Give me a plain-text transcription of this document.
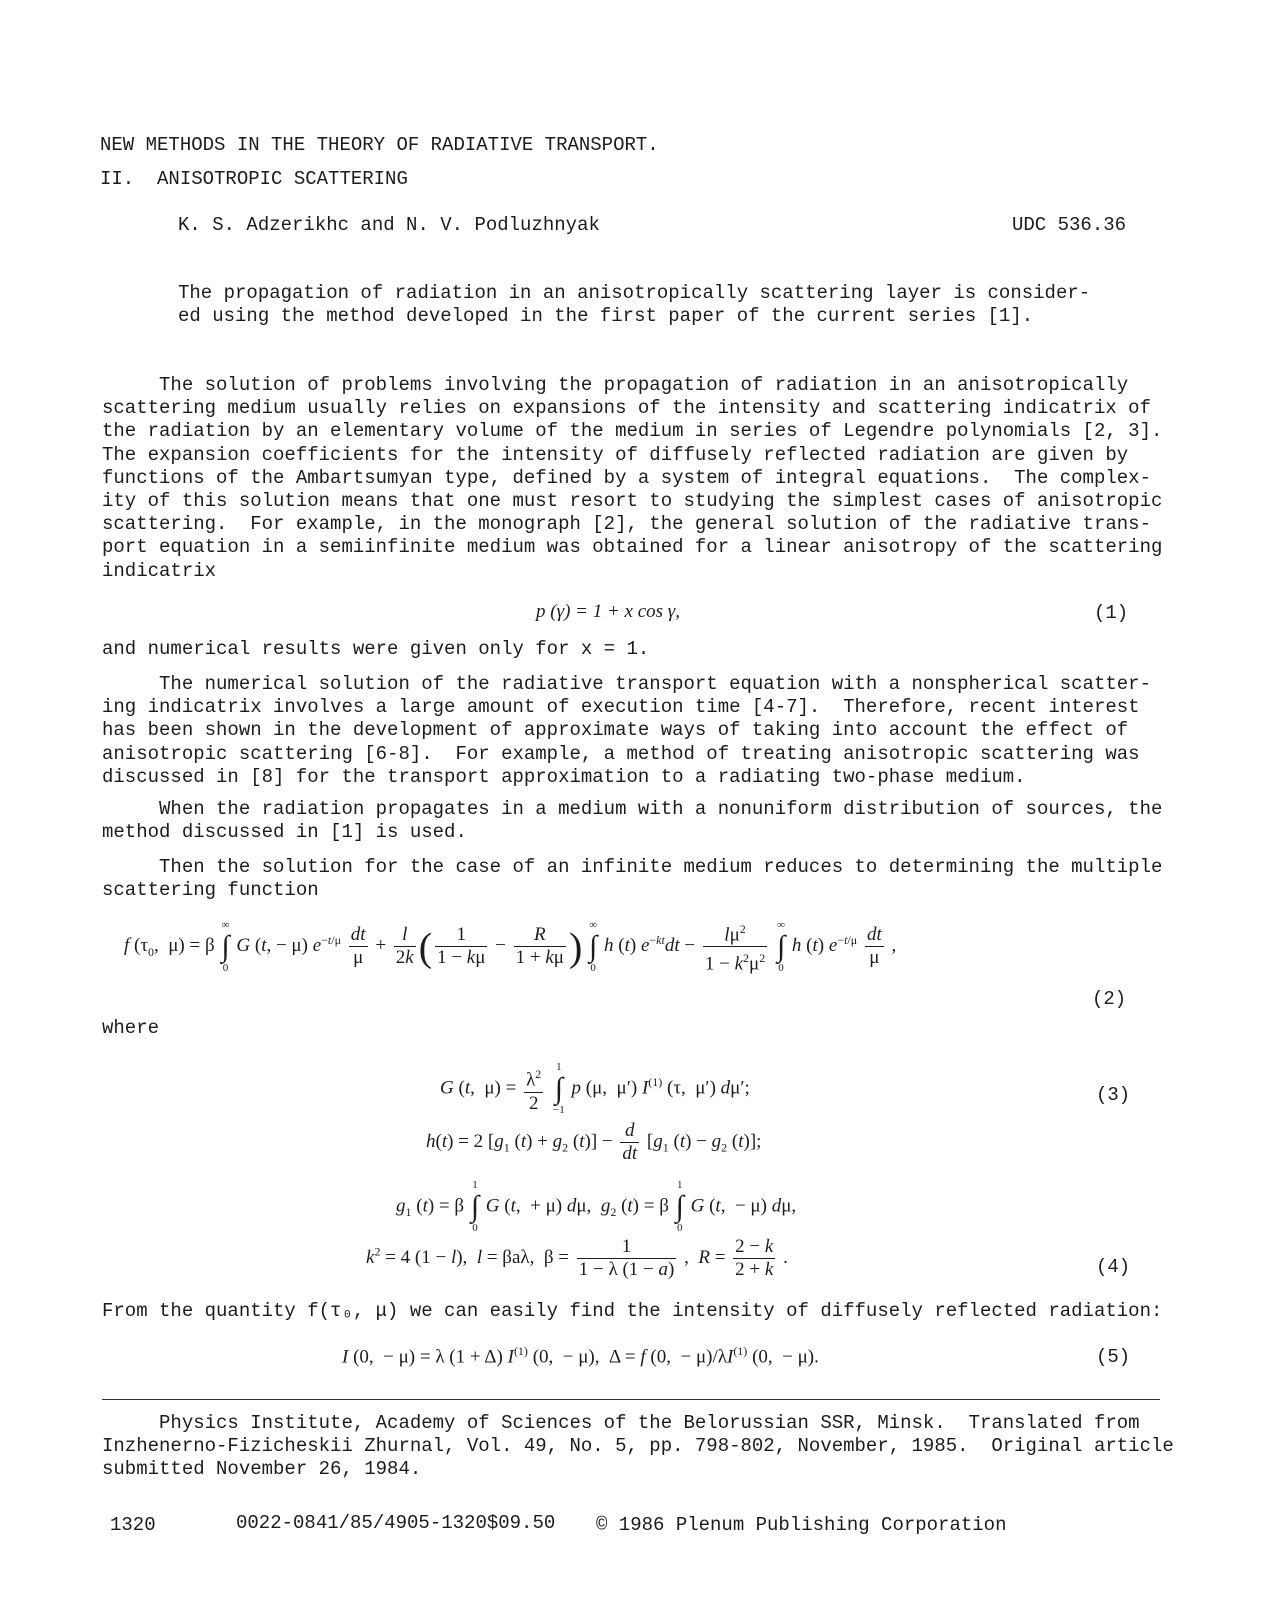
NEW METHODS IN THE THEORY OF RADIATIVE TRANSPORT.
II.  ANISOTROPIC SCATTERING
K. S. Adzerikhc and N. V. Podluzhnyak	UDC 536.36
The propagation of radiation in an anisotropically scattering layer is consider-
ed using the method developed in the first paper of the current series [1].
The solution of problems involving the propagation of radiation in an anisotropically
scattering medium usually relies on expansions of the intensity and scattering indicatrix of
the radiation by an elementary volume of the medium in series of Legendre polynomials [2, 3].
The expansion coefficients for the intensity of diffusely reflected radiation are given by
functions of the Ambartsumyan type, defined by a system of integral equations.  The complex-
ity of this solution means that one must resort to studying the simplest cases of anisotropic
scattering.  For example, in the monograph [2], the general solution of the radiative trans-
port equation in a semiinfinite medium was obtained for a linear anisotropy of the scattering
indicatrix
p (γ) = 1 + x cos γ,	(1)
and numerical results were given only for x = 1.
The numerical solution of the radiative transport equation with a nonspherical scatter-
ing indicatrix involves a large amount of execution time [4-7].  Therefore, recent interest
has been shown in the development of approximate ways of taking into account the effect of
anisotropic scattering [6-8].  For example, a method of treating anisotropic scattering was
discussed in [8] for the transport approximation to a radiating two-phase medium.
When the radiation propagates in a medium with a nonuniform distribution of sources, the
method discussed in [1] is used.
Then the solution for the case of an infinite medium reduces to determining the multiple
scattering function
f ($\tau_0$,  μ) = β
∞
∫
0
G (t, − μ) $e^{-t/\mu} \frac{dt}{\mu} + \frac{l}{2k}$ ( $\frac{1}{1 - k\mu} - \frac{R}{1 + k\mu}$ ) ∞
∫
0
h (t) $e^{-kt}dt - \frac{l\mu^2}{1 - k^2\mu^2}$
∞
∫
0
h (t) $e^{-t/\mu} \frac{dt}{\mu}$ ,
(2)
where
G (t,  $\mu) = \frac{\lambda^2}{2}$
1
∫
−1
p (μ,  μ′) $I^{(1)}$ (τ,  μ′) dμ′;	(3)
h(t) = 2 [$g_1$ $(t) + g_2$ $(t)] - \frac{d}{dt} [g_1$ $(t) - g_2$ (t)];
$g_1$ (t) = β
1
∫
0
G (t,  + μ) dμ,  $g_2$ (t) = β
1
∫
0
G (t,  − μ) dμ,
$k^2 = 4$ (1 − l),  l = βaλ,  $\beta = \frac{1}{1 - \lambda (1 - a)}$ ,  $R = \frac{2 - k}{2 + k}$ .	(4)
From the quantity f(τ₀, μ) we can easily find the intensity of diffusely reflected radiation:
I (0,  − μ) = λ (1 + Δ) $I^{(1)}$ (0,  − μ),  Δ = f (0,  − $\mu)/\lambda I^{(1)}$ (0,  − μ).	(5)
Physics Institute, Academy of Sciences of the Belorussian SSR, Minsk.  Translated from
Inzhenerno-Fizicheskii Zhurnal, Vol. 49, No. 5, pp. 798-802, November, 1985.  Original article
submitted November 26, 1984.
1320	0022-0841/85/4905-1320$09.50 © 1986 Plenum Publishing Corporation
